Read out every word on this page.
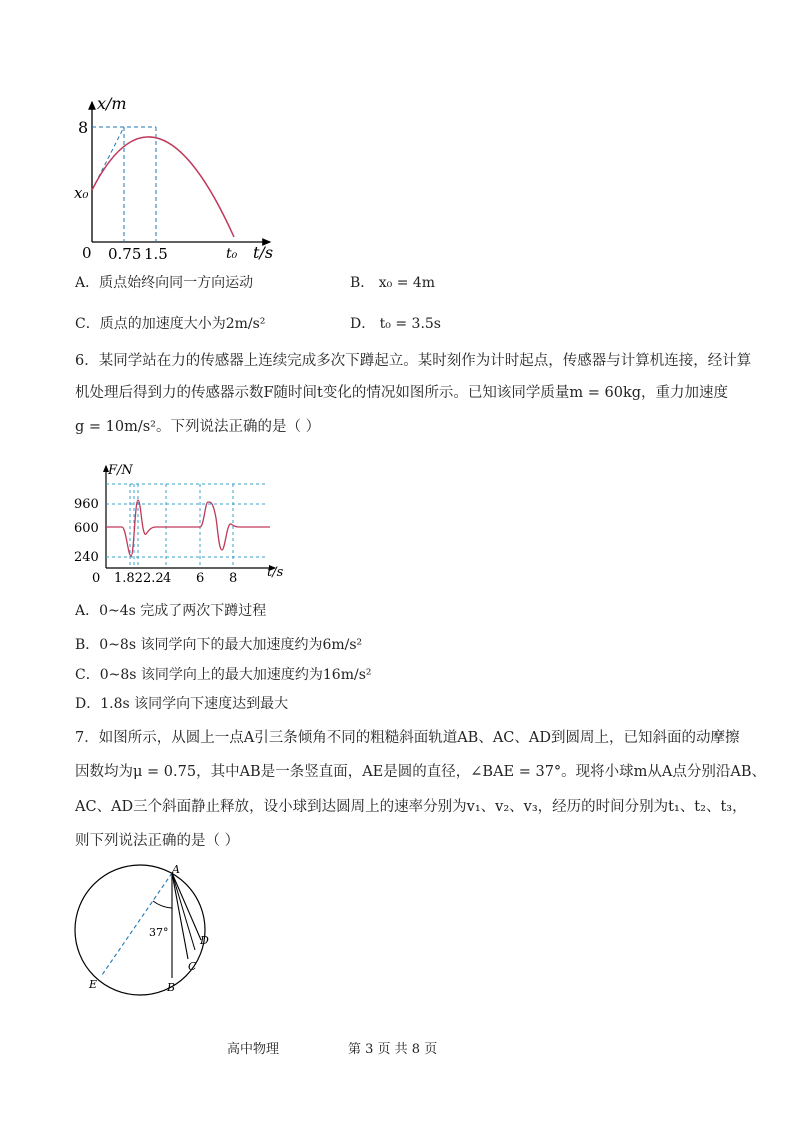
x/m
8
x₀
0 0.75 1.5	t₀ t/s
A．质点始终向同一方向运动	B． x₀ = 4m
C．质点的加速度大小为2m/s²	D． t₀ = 3.5s
6．某同学站在力的传感器上连续完成多次下蹲起立。某时刻作为计时起点，传感器与计算机连接，经计算
机处理后得到力的传感器示数F随时间t变化的情况如图所示。已知该同学质量m = 60kg，重力加速度
g = 10m/s²。下列说法正确的是（ ）
F/N
960
600
240
0 1.822.2 4 6 8 t/s
A．0~4s 完成了两次下蹲过程
B．0~8s 该同学向下的最大加速度约为6m/s²
C．0~8s 该同学向上的最大加速度约为16m/s²
D．1.8s 该同学向下速度达到最大
7．如图所示，从圆上一点A引三条倾角不同的粗糙斜面轨道AB、AC、AD到圆周上，已知斜面的动摩擦
因数均为μ = 0.75，其中AB是一条竖直面，AE是圆的直径，∠BAE = 37°。现将小球m从A点分别沿AB、
AC、AD三个斜面静止释放，设小球到达圆周上的速率分别为v₁、v₂、v₃，经历的时间分别为t₁、t₂、t₃，
则下列说法正确的是（ ）
A
B
C
D
E
37°
高中物理	第 3 页 共 8 页
